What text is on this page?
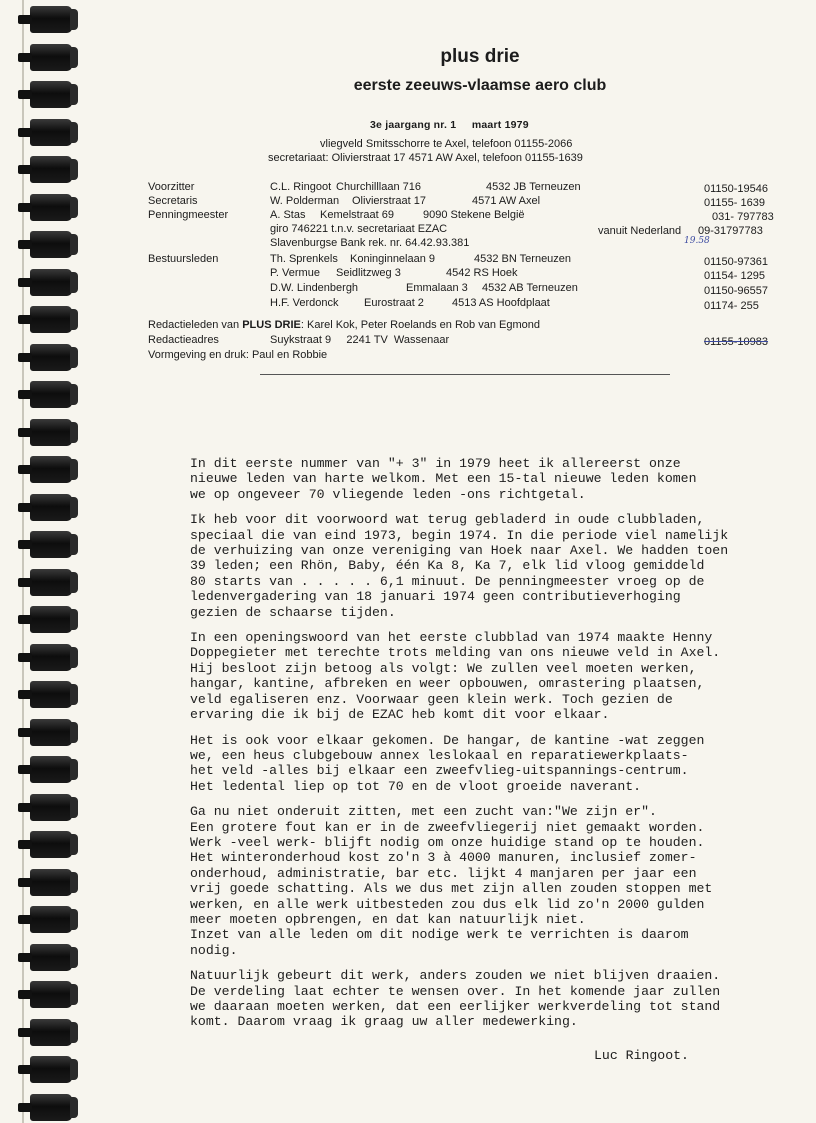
plus drie
eerste zeeuws-vlaamse aero club
3e jaargang nr. 1     maart 1979
vliegveld Smitsschorre te Axel, telefoon 01155-2066
secretariaat: Olivierstraat 17 4571 AW Axel, telefoon 01155-1639
Voorzitter	C.L. Ringoot Churchilllaan 716	4532 JB Terneuzen	01150-19546
Secretaris	W. Polderman Olivierstraat 17	4571 AW Axel	01155- 1639
Penningmeester	A. Stas Kemelstraat 69	9090 Stekene België	031- 797783
giro 746221 t.n.v. secretariaat EZAC	vanuit Nederland 09-31797783
Slavenburgse Bank rek. nr. 64.42.93.381	19.58
Bestuursleden	Th. Sprenkels Koninginnelaan 9	4532 BN Terneuzen	01150-97361
P. Vermue Seidlitzweg 3	4542 RS Hoek	01154- 1295
D.W. Lindenbergh	Emmalaan 3 4532 AB Terneuzen	01150-96557
H.F. Verdonck Eurostraat 2	4513 AS Hoofdplaat	01174- 255
Redactieleden van PLUS DRIE: Karel Kok, Peter Roelands en Rob van Egmond
Redactieadres	Suykstraat 9     2241 TV  Wassenaar	01155-10983
Vormgeving en druk: Paul en Robbie

In dit eerste nummer van "+ 3" in 1979 heet ik allereerst onze
nieuwe leden van harte welkom. Met een 15-tal nieuwe leden komen
we op ongeveer 70 vliegende leden -ons richtgetal.

Ik heb voor dit voorwoord wat terug gebladerd in oude clubbladen,
speciaal die van eind 1973, begin 1974. In die periode viel namelijk
de verhuizing van onze vereniging van Hoek naar Axel. We hadden toen
39 leden; een Rhön, Baby, één Ka 8, Ka 7, elk lid vloog gemiddeld
80 starts van . . . . . 6,1 minuut. De penningmeester vroeg op de
ledenvergadering van 18 januari 1974 geen contributieverhoging
gezien de schaarse tijden.

In een openingswoord van het eerste clubblad van 1974 maakte Henny
Doppegieter met terechte trots melding van ons nieuwe veld in Axel.
Hij besloot zijn betoog als volgt: We zullen veel moeten werken,
hangar, kantine, afbreken en weer opbouwen, omrastering plaatsen,
veld egaliseren enz. Voorwaar geen klein werk. Toch gezien de
ervaring die ik bij de EZAC heb komt dit voor elkaar.

Het is ook voor elkaar gekomen. De hangar, de kantine -wat zeggen
we, een heus clubgebouw annex leslokaal en reparatiewerkplaats-
het veld -alles bij elkaar een zweefvlieg-uitspannings-centrum.
Het ledental liep op tot 70 en de vloot groeide naverant.

Ga nu niet onderuit zitten, met een zucht van:"We zijn er".
Een grotere fout kan er in de zweefvliegerij niet gemaakt worden.
Werk -veel werk- blijft nodig om onze huidige stand op te houden.
Het winteronderhoud kost zo'n 3 à 4000 manuren, inclusief zomer-
onderhoud, administratie, bar etc. lijkt 4 manjaren per jaar een
vrij goede schatting. Als we dus met zijn allen zouden stoppen met
werken, en alle werk uitbesteden zou dus elk lid zo'n 2000 gulden
meer moeten opbrengen, en dat kan natuurlijk niet.
Inzet van alle leden om dit nodige werk te verrichten is daarom
nodig.

Natuurlijk gebeurt dit werk, anders zouden we niet blijven draaien.
De verdeling laat echter te wensen over. In het komende jaar zullen
we daaraan moeten werken, dat een eerlijker werkverdeling tot stand
komt. Daarom vraag ik graag uw aller medewerking.

Luc Ringoot.
